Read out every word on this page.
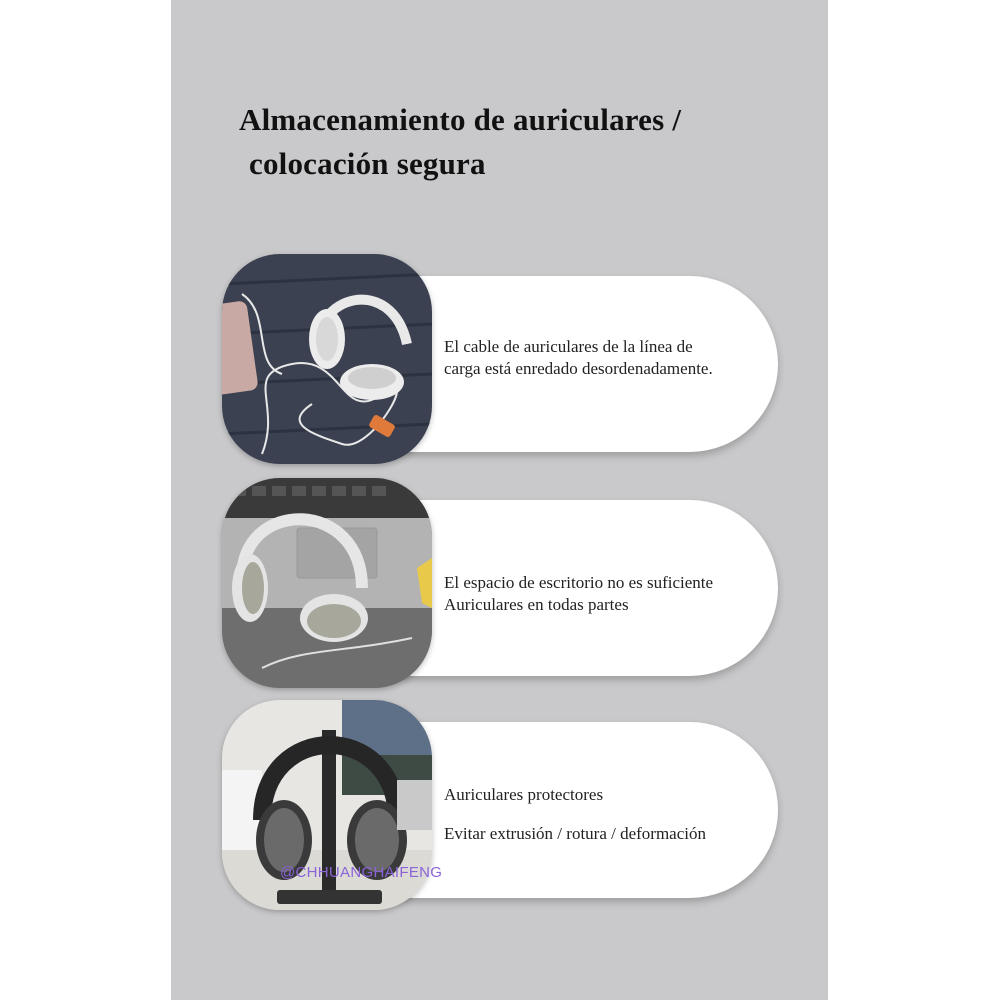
Almacenamiento de auriculares /
colocación segura
El cable de auriculares de la línea de
carga está enredado desordenadamente.
El espacio de escritorio no es suficiente
Auriculares en todas partes
Auriculares protectores
Evitar extrusión / rotura / deformación
@CHHUANGHAIFENG
